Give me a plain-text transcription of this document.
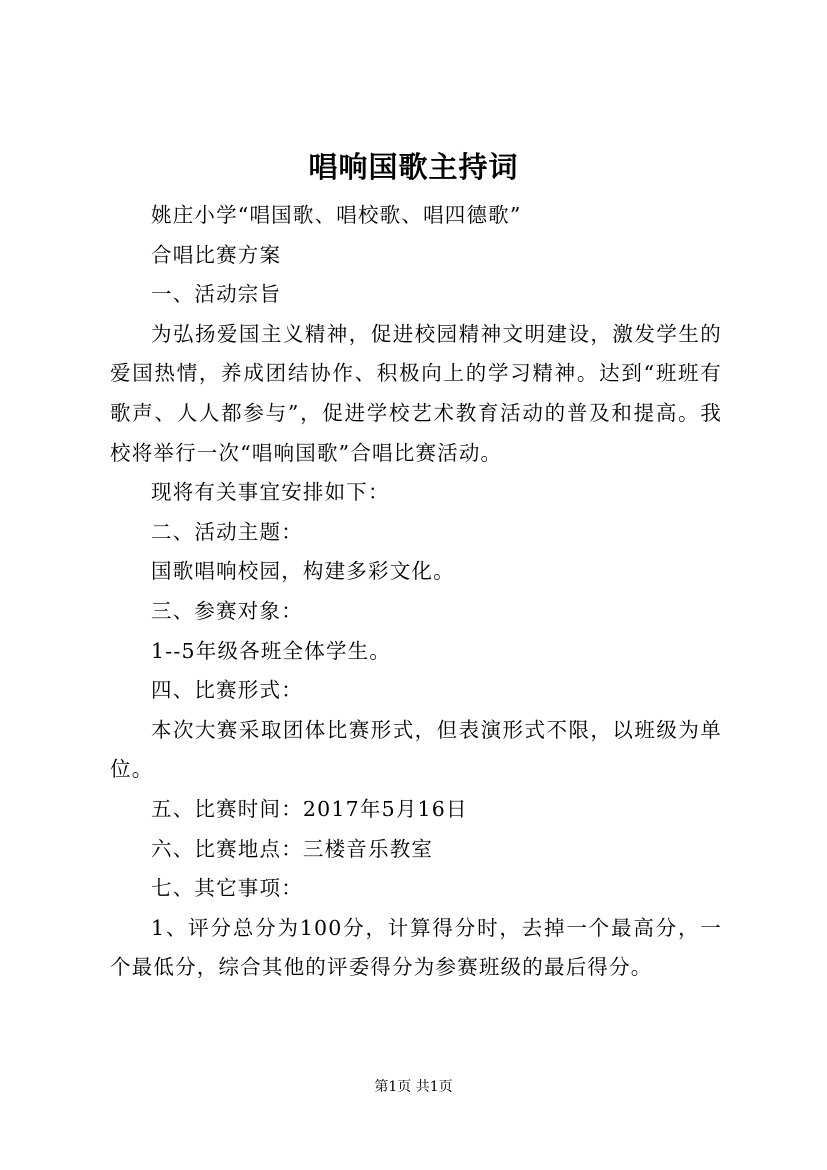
唱响国歌主持词

姚庄小学“唱国歌、唱校歌、唱四德歌”

合唱比赛方案

一、活动宗旨

为弘扬爱国主义精神，促进校园精神文明建设，激发学生的爱国热情，养成团结协作、积极向上的学习精神。达到“班班有歌声、人人都参与”，促进学校艺术教育活动的普及和提高。我校将举行一次“唱响国歌”合唱比赛活动。

现将有关事宜安排如下：

二、活动主题：

国歌唱响校园，构建多彩文化。

三、参赛对象：

1--5年级各班全体学生。

四、比赛形式：

本次大赛采取团体比赛形式，但表演形式不限，以班级为单位。

五、比赛时间：2017年5月16日

六、比赛地点：三楼音乐教室

七、其它事项：

1、评分总分为100分，计算得分时，去掉一个最高分，一个最低分，综合其他的评委得分为参赛班级的最后得分。

第1页 共1页
